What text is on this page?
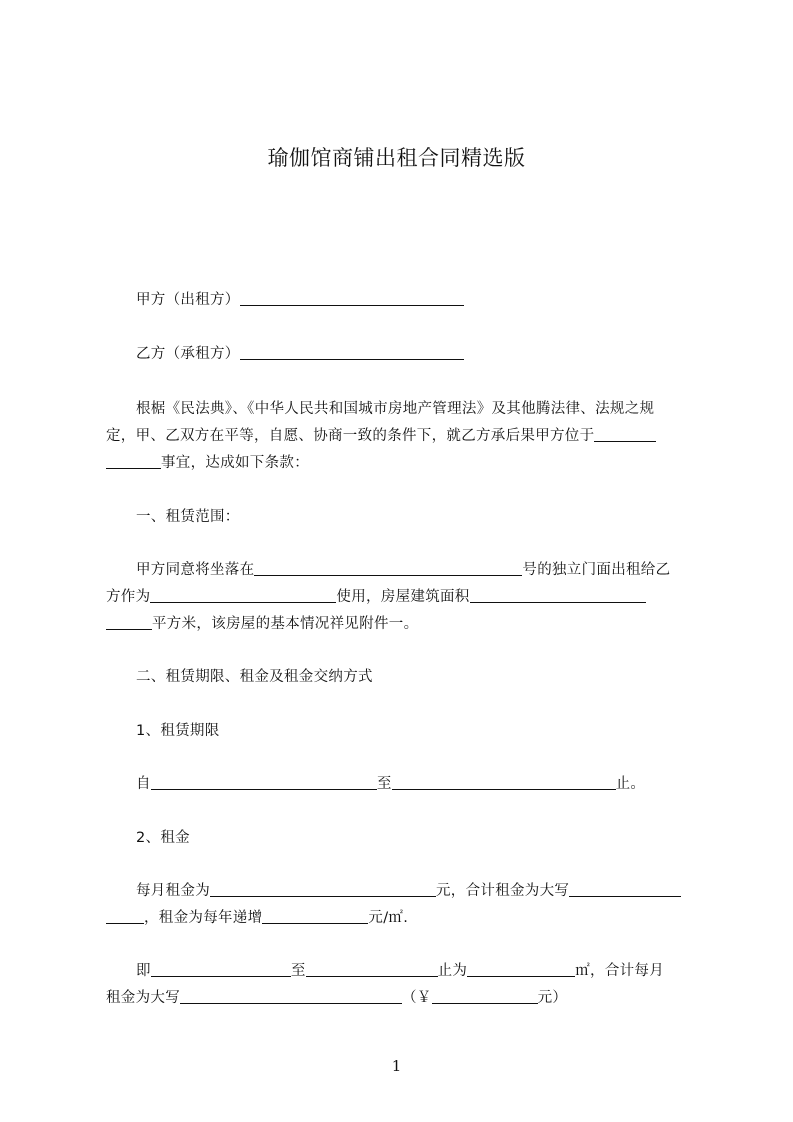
瑜伽馆商铺出租合同精选版

甲方（出租方）

乙方（承租方）

根椐《民法典》、《中华人民共和国城市房地产管理法》及其他腾法律、法规之规

定，甲、乙双方在平等，自愿、协商一致的条件下，就乙方承后果甲方位于

事宜，达成如下条款：

一、租赁范围：

甲方同意将坐落在	号的独立门面出租给乙

方作为	使用，房屋建筑面积

平方米，该房屋的基本情况祥见附件一。

二、租赁期限、租金及租金交纳方式

1、租赁期限

自	至	止。

2、租金

每月租金为	元，合计租金为大写

，租金为每年递增	元/㎡.

即	至	止为	㎡，合计每月

租金为大写	（￥	元）

1
